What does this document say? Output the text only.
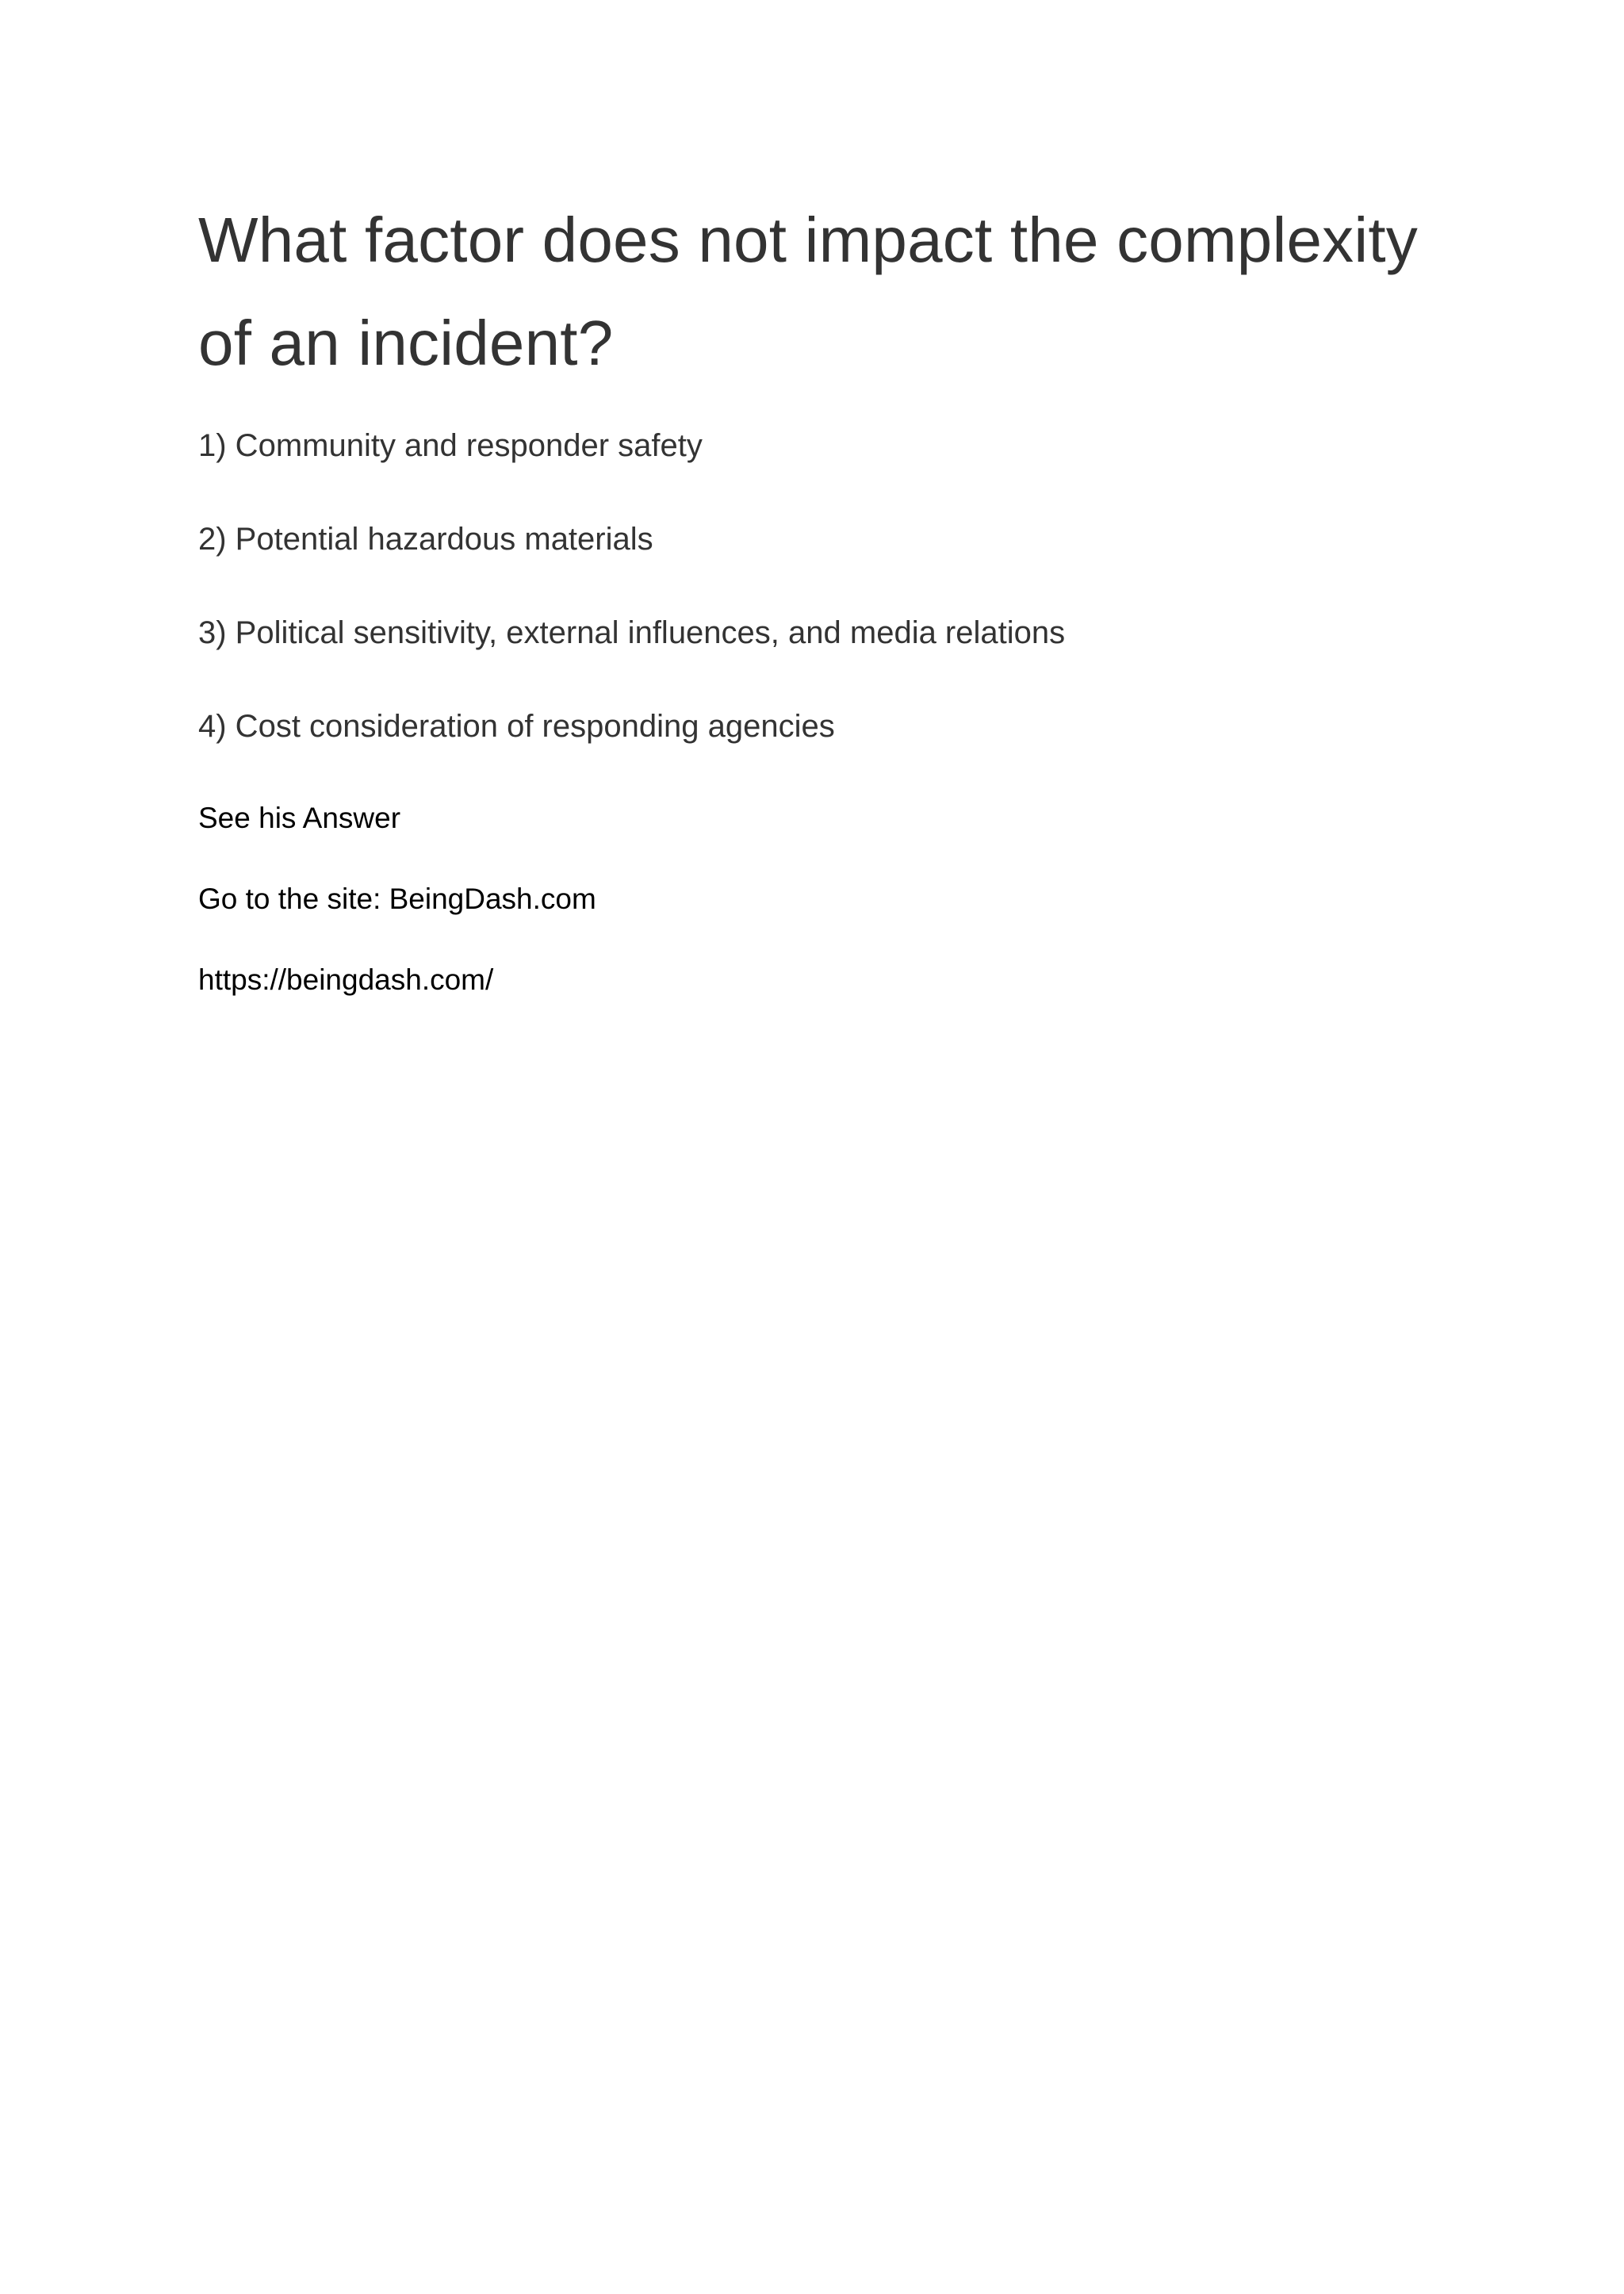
What factor does not impact the complexity of an incident?
1) Community and responder safety
2) Potential hazardous materials
3) Political sensitivity, external influences, and media relations
4) Cost consideration of responding agencies
See his Answer
Go to the site: BeingDash.com
https://beingdash.com/
